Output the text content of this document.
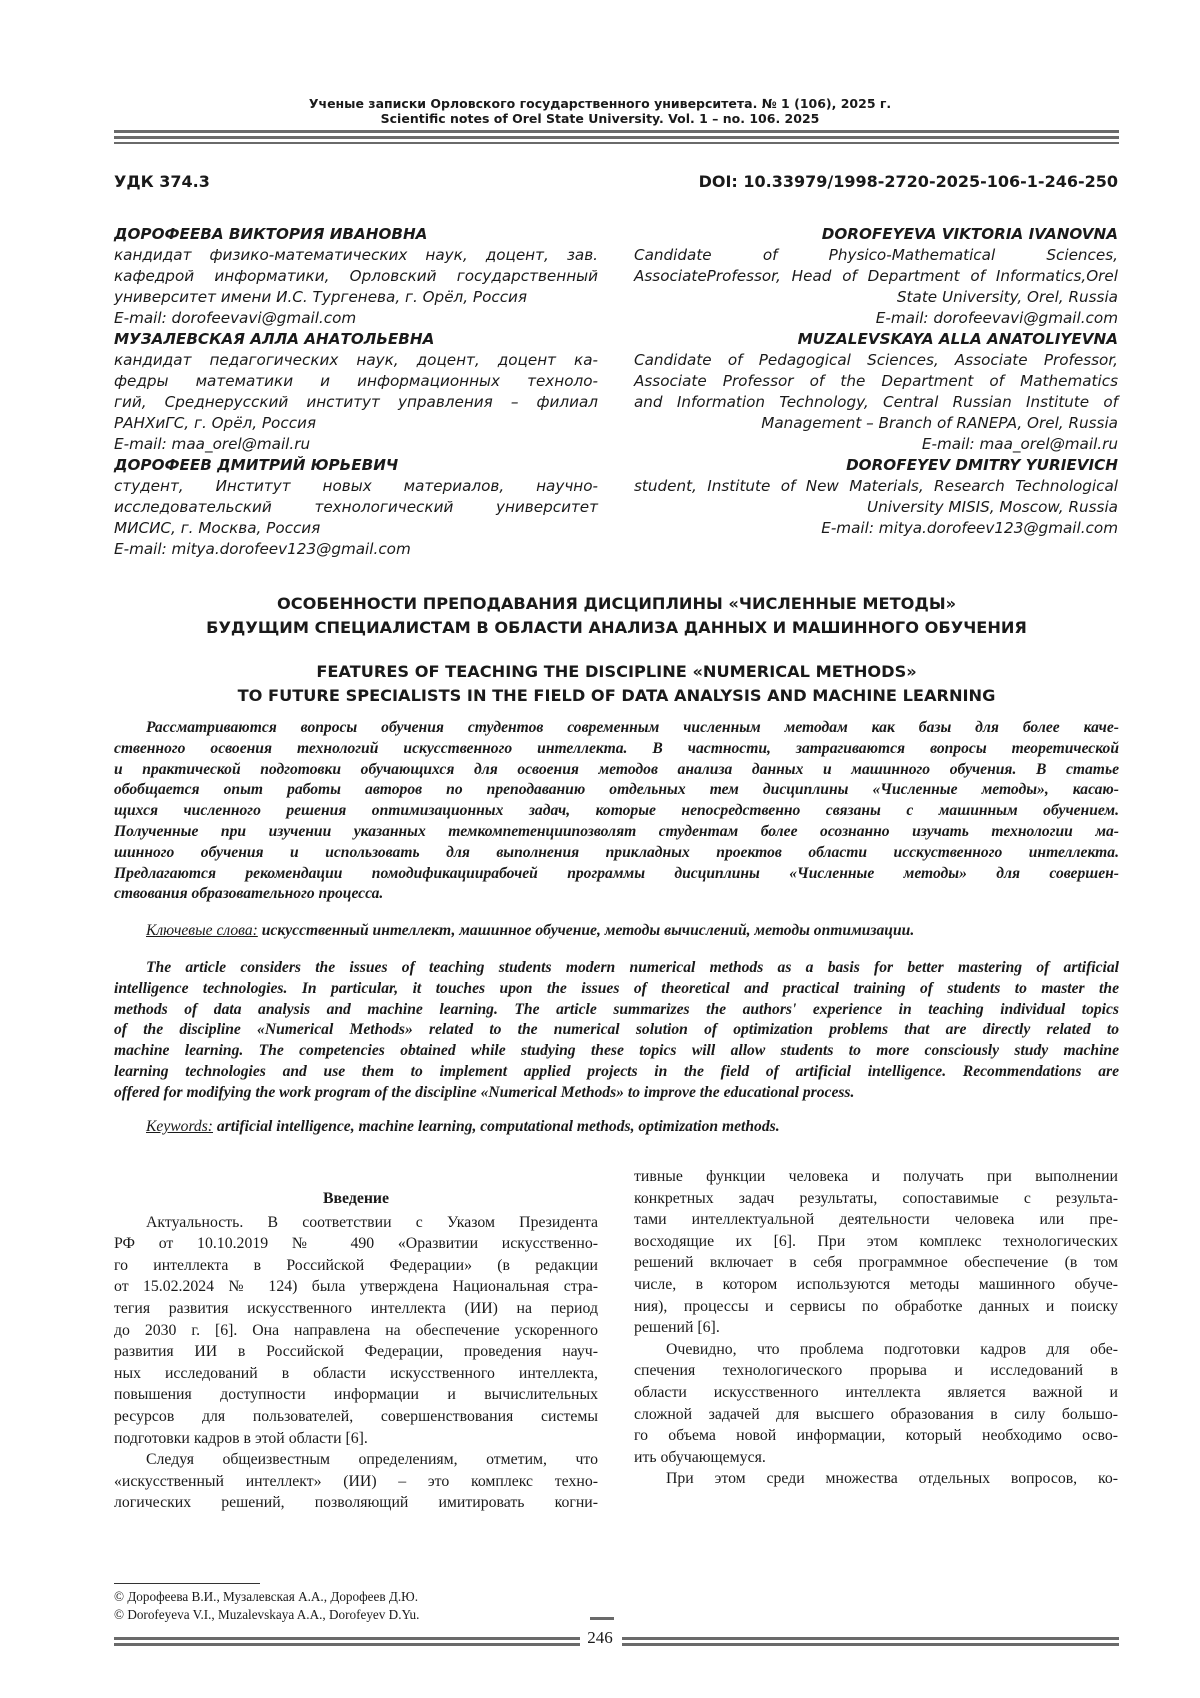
Ученые записки Орловского государственного университета. № 1 (106), 2025 г.
Scientific notes of Orel State University. Vol. 1 – no. 106. 2025
УДК 374.3	DOI: 10.33979/1998-2720-2025-106-1-246-250
ДОРОФЕЕВА ВИКТОРИЯ ИВАНОВНА
кандидат физико-математических наук, доцент, зав.
кафедрой информатики, Орловский государственный
университет имени И.С. Тургенева, г. Орёл, Россия
E-mail: dorofeevavi@gmail.com
МУЗАЛЕВСКАЯ АЛЛА АНАТОЛЬЕВНА
кандидат педагогических наук, доцент, доцент ка-
федры математики и информационных техноло-
гий, Среднерусский институт управления – филиал
РАНХиГС, г. Орёл, Россия
E-mail: maa_orel@mail.ru
ДОРОФЕЕВ ДМИТРИЙ ЮРЬЕВИЧ
студент, Институт новых материалов, научно-
исследовательский технологический университет
МИСИС, г. Москва, Россия
E-mail: mitya.dorofeev123@gmail.com
DOROFEYEVA VIKTORIA IVANOVNA
Candidate of Physico-Mathematical Sciences,
AssociateProfessor, Head of Department of Informatics,Orel
State University, Orel, Russia
E-mail: dorofeevavi@gmail.com
MUZALEVSKAYA ALLA ANATOLIYEVNA
Candidate of Pedagogical Sciences, Associate Professor,
Associate Professor of the Department of Mathematics
and Information Technology, Central Russian Institute of
Management – Branch of RANEPA, Orel, Russia
E-mail: maa_orel@mail.ru
DOROFEYEV DMITRY YURIEVICH
student, Institute of New Materials, Research Technological
University MISIS, Moscow, Russia
E-mail: mitya.dorofeev123@gmail.com
ОСОБЕННОСТИ ПРЕПОДАВАНИЯ ДИСЦИПЛИНЫ «ЧИСЛЕННЫЕ МЕТОДЫ»
БУДУЩИМ СПЕЦИАЛИСТАМ В ОБЛАСТИ АНАЛИЗА ДАННЫХ И МАШИННОГО ОБУЧЕНИЯ
FEATURES OF TEACHING THE DISCIPLINE «NUMERICAL METHODS»
TO FUTURE SPECIALISTS IN THE FIELD OF DATA ANALYSIS AND MACHINE LEARNING
Рассматриваются вопросы обучения студентов современным численным методам как базы для более каче-
ственного освоения технологий искусственного интеллекта. В частности, затрагиваются вопросы теоретической
и практической подготовки обучающихся для освоения методов анализа данных и машинного обучения. В статье
обобщается опыт работы авторов по преподаванию отдельных тем дисциплины «Численные методы», касаю-
щихся численного решения оптимизационных задач, которые непосредственно связаны с машинным обучением.
Полученные при изучении указанных темкомпетенциипозволят студентам более осознанно изучать технологии ма-
шинного обучения и использовать для выполнения прикладных проектов области исскуственного интеллекта.
Предлагаются рекомендации помодификациирабочей программы дисциплины «Численные методы» для совершен-
ствования образовательного процесса.
Ключевые слова: искусственный интеллект, машинное обучение, методы вычислений, методы оптимизации.
The article considers the issues of teaching students modern numerical methods as a basis for better mastering of artificial
intelligence technologies. In particular, it touches upon the issues of theoretical and practical training of students to master the
methods of data analysis and machine learning. The article summarizes the authors' experience in teaching individual topics
of the discipline «Numerical Methods» related to the numerical solution of optimization problems that are directly related to
machine learning. The competencies obtained while studying these topics will allow students to more consciously study machine
learning technologies and use them to implement applied projects in the field of artificial intelligence. Recommendations are
offered for modifying the work program of the discipline «Numerical Methods» to improve the educational process.
Keywords: artificial intelligence, machine learning, computational methods, optimization methods.
Введение
Актуальность. В соответствии с Указом Президента
РФ от 10.10.2019 № 490 «Оразвитии искусственно-
го интеллекта в Российской Федерации» (в редакции
от 15.02.2024 № 124) была утверждена Национальная стра-
тегия развития искусственного интеллекта (ИИ) на период
до 2030 г. [6]. Она направлена на обеспечение ускоренного
развития ИИ в Российской Федерации, проведения науч-
ных исследований в области искусственного интеллекта,
повышения доступности информации и вычислительных
ресурсов для пользователей, совершенствования системы
подготовки кадров в этой области [6].
Следуя общеизвестным определениям, отметим, что
«искусственный интеллект» (ИИ) – это комплекс техно-
логических решений, позволяющий имитировать когни-
тивные функции человека и получать при выполнении
конкретных задач результаты, сопоставимые с результа-
тами интеллектуальной деятельности человека или пре-
восходящие их [6]. При этом комплекс технологических
решений включает в себя программное обеспечение (в том
числе, в котором используются методы машинного обуче-
ния), процессы и сервисы по обработке данных и поиску
решений [6].
Очевидно, что проблема подготовки кадров для обе-
спечения технологического прорыва и исследований в
области искусственного интеллекта является важной и
сложной задачей для высшего образования в силу большо-
го объема новой информации, который необходимо осво-
ить обучающемуся.
При этом среди множества отдельных вопросов, ко-
© Дорофеева В.И., Музалевская А.А., Дорофеев Д.Ю.
© Dorofeyeva V.I., Muzalevskaya A.A., Dorofeyev D.Yu.
246
